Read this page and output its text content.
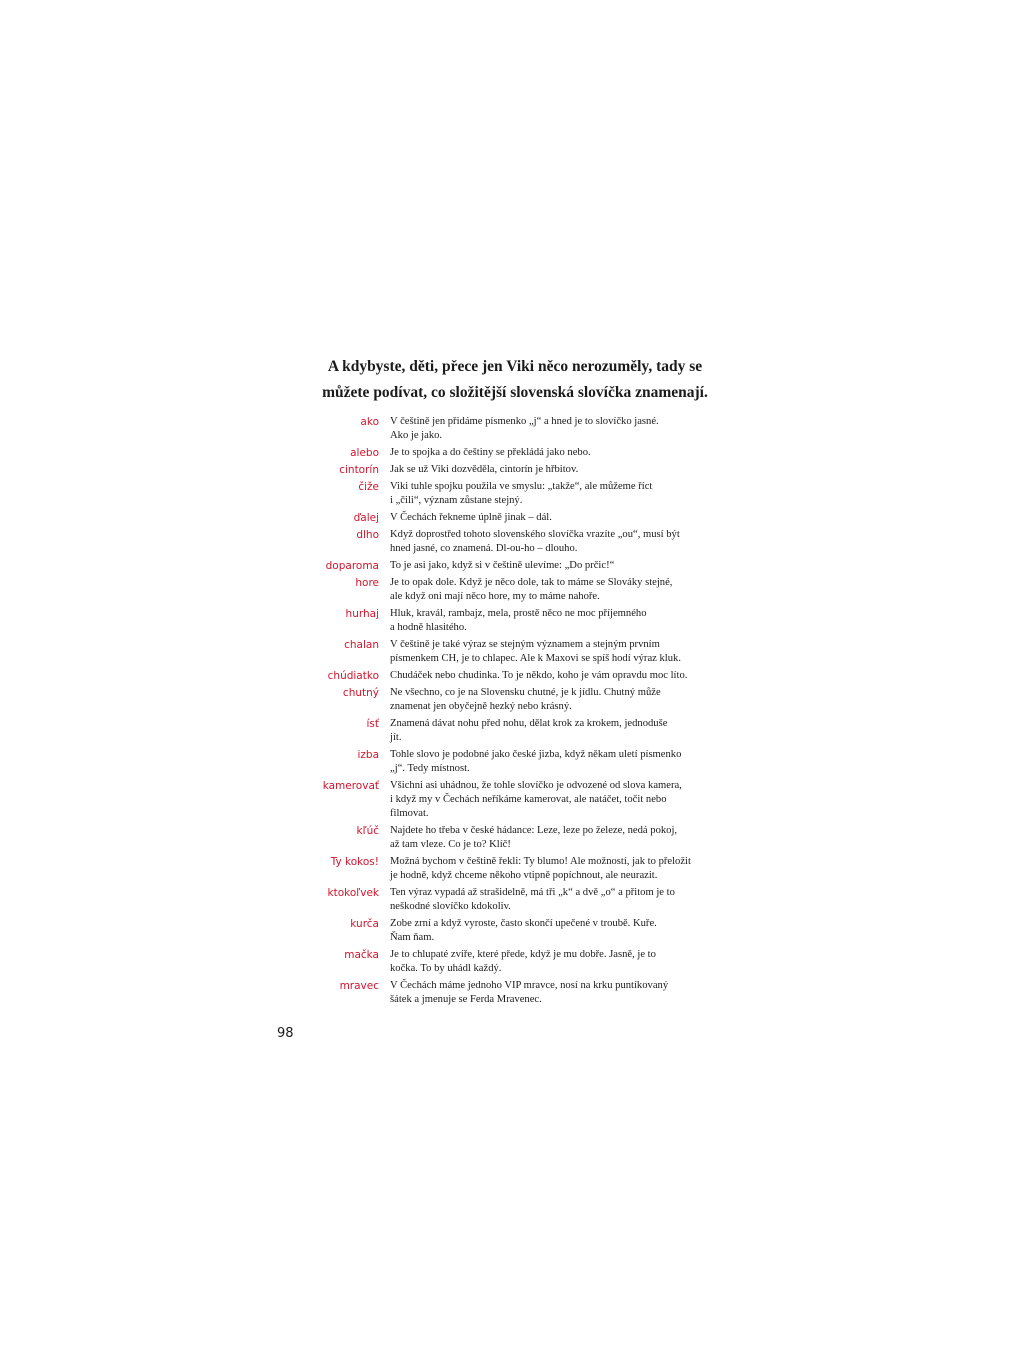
A kdybyste, děti, přece jen Viki něco nerozuměly, tady se
můžete podívat, co složitější slovenská slovíčka znamenají.
ako	V češtině jen přidáme písmenko „j“ a hned je to slovíčko jasné.
Ako je jako.
alebo	Je to spojka a do češtiny se překládá jako nebo.
cintorín	Jak se už Viki dozvěděla, cintorín je hřbitov.
čiže	Viki tuhle spojku použila ve smyslu: „takže“, ale můžeme říct
i „čili“, význam zůstane stejný.
ďalej	V Čechách řekneme úplně jinak – dál.
dlho	Když doprostřed tohoto slovenského slovíčka vrazíte „ou“, musí být
hned jasné, co znamená. Dl-ou-ho – dlouho.
doparoma	To je asi jako, když si v češtině ulevíme: „Do prčic!“
hore	Je to opak dole. Když je něco dole, tak to máme se Slováky stejné,
ale když oni mají něco hore, my to máme nahoře.
hurhaj	Hluk, kravál, rambajz, mela, prostě něco ne moc příjemného
a hodně hlasitého.
chalan	V češtině je také výraz se stejným významem a stejným prvním
písmenkem CH, je to chlapec. Ale k Maxovi se spíš hodí výraz kluk.
chúdiatko	Chudáček nebo chudinka. To je někdo, koho je vám opravdu moc líto.
chutný	Ne všechno, co je na Slovensku chutné, je k jídlu. Chutný může
znamenat jen obyčejně hezký nebo krásný.
ísť	Znamená dávat nohu před nohu, dělat krok za krokem, jednoduše
jít.
izba	Tohle slovo je podobné jako české jizba, když někam uletí písmenko
„j“. Tedy místnost.
kamerovať	Všichni asi uhádnou, že tohle slovíčko je odvozené od slova kamera,
i když my v Čechách neříkáme kamerovat, ale natáčet, točit nebo
filmovat.
kľúč	Najdete ho třeba v české hádance: Leze, leze po železe, nedá pokoj,
až tam vleze. Co je to? Klíč!
Ty kokos!	Možná bychom v češtině řekli: Ty blumo! Ale možností, jak to přeložit
je hodně, když chceme někoho vtipně popíchnout, ale neurazit.
ktokoľvek	Ten výraz vypadá až strašidelně, má tři „k“ a dvě „o“ a přitom je to
neškodné slovíčko kdokoliv.
kurča	Zobe zrní a když vyroste, často skončí upečené v troubě. Kuře.
Ňam ňam.
mačka	Je to chlupaté zvíře, které přede, když je mu dobře. Jasně, je to
kočka. To by uhádl každý.
mravec	V Čechách máme jednoho VIP mravce, nosí na krku puntíkovaný
šátek a jmenuje se Ferda Mravenec.
98
